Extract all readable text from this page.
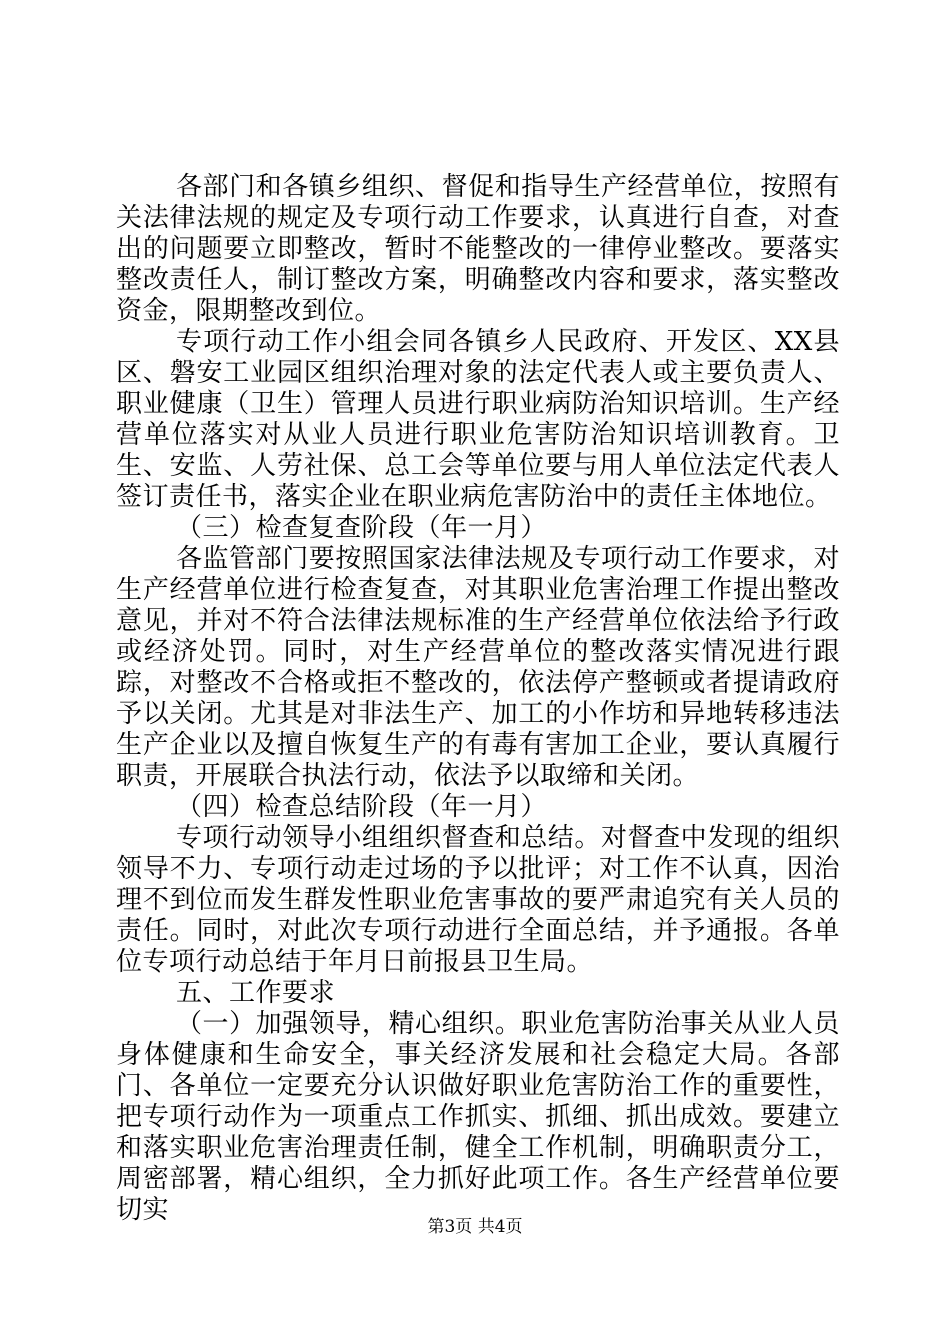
各部门和各镇乡组织、督促和指导生产经营单位，按照有关法律法规的规定及专项行动工作要求，认真进行自查，对查出的问题要立即整改，暂时不能整改的一律停业整改。要落实整改责任人，制订整改方案，明确整改内容和要求，落实整改资金，限期整改到位。

专项行动工作小组会同各镇乡人民政府、开发区、XX县区、磐安工业园区组织治理对象的法定代表人或主要负责人、职业健康（卫生）管理人员进行职业病防治知识培训。生产经营单位落实对从业人员进行职业危害防治知识培训教育。卫生、安监、人劳社保、总工会等单位要与用人单位法定代表人签订责任书，落实企业在职业病危害防治中的责任主体地位。

（三）检查复查阶段（年一月）

各监管部门要按照国家法律法规及专项行动工作要求，对生产经营单位进行检查复查，对其职业危害治理工作提出整改意见，并对不符合法律法规标准的生产经营单位依法给予行政或经济处罚。同时，对生产经营单位的整改落实情况进行跟踪，对整改不合格或拒不整改的，依法停产整顿或者提请政府予以关闭。尤其是对非法生产、加工的小作坊和异地转移违法生产企业以及擅自恢复生产的有毒有害加工企业，要认真履行职责，开展联合执法行动，依法予以取缔和关闭。

（四）检查总结阶段（年一月）

专项行动领导小组组织督查和总结。对督查中发现的组织领导不力、专项行动走过场的予以批评；对工作不认真，因治理不到位而发生群发性职业危害事故的要严肃追究有关人员的责任。同时，对此次专项行动进行全面总结，并予通报。各单位专项行动总结于年月日前报县卫生局。

五、工作要求

（一）加强领导，精心组织。职业危害防治事关从业人员身体健康和生命安全，事关经济发展和社会稳定大局。各部门、各单位一定要充分认识做好职业危害防治工作的重要性，把专项行动作为一项重点工作抓实、抓细、抓出成效。要建立和落实职业危害治理责任制，健全工作机制，明确职责分工，周密部署，精心组织，全力抓好此项工作。各生产经营单位要切实

第3页 共4页
